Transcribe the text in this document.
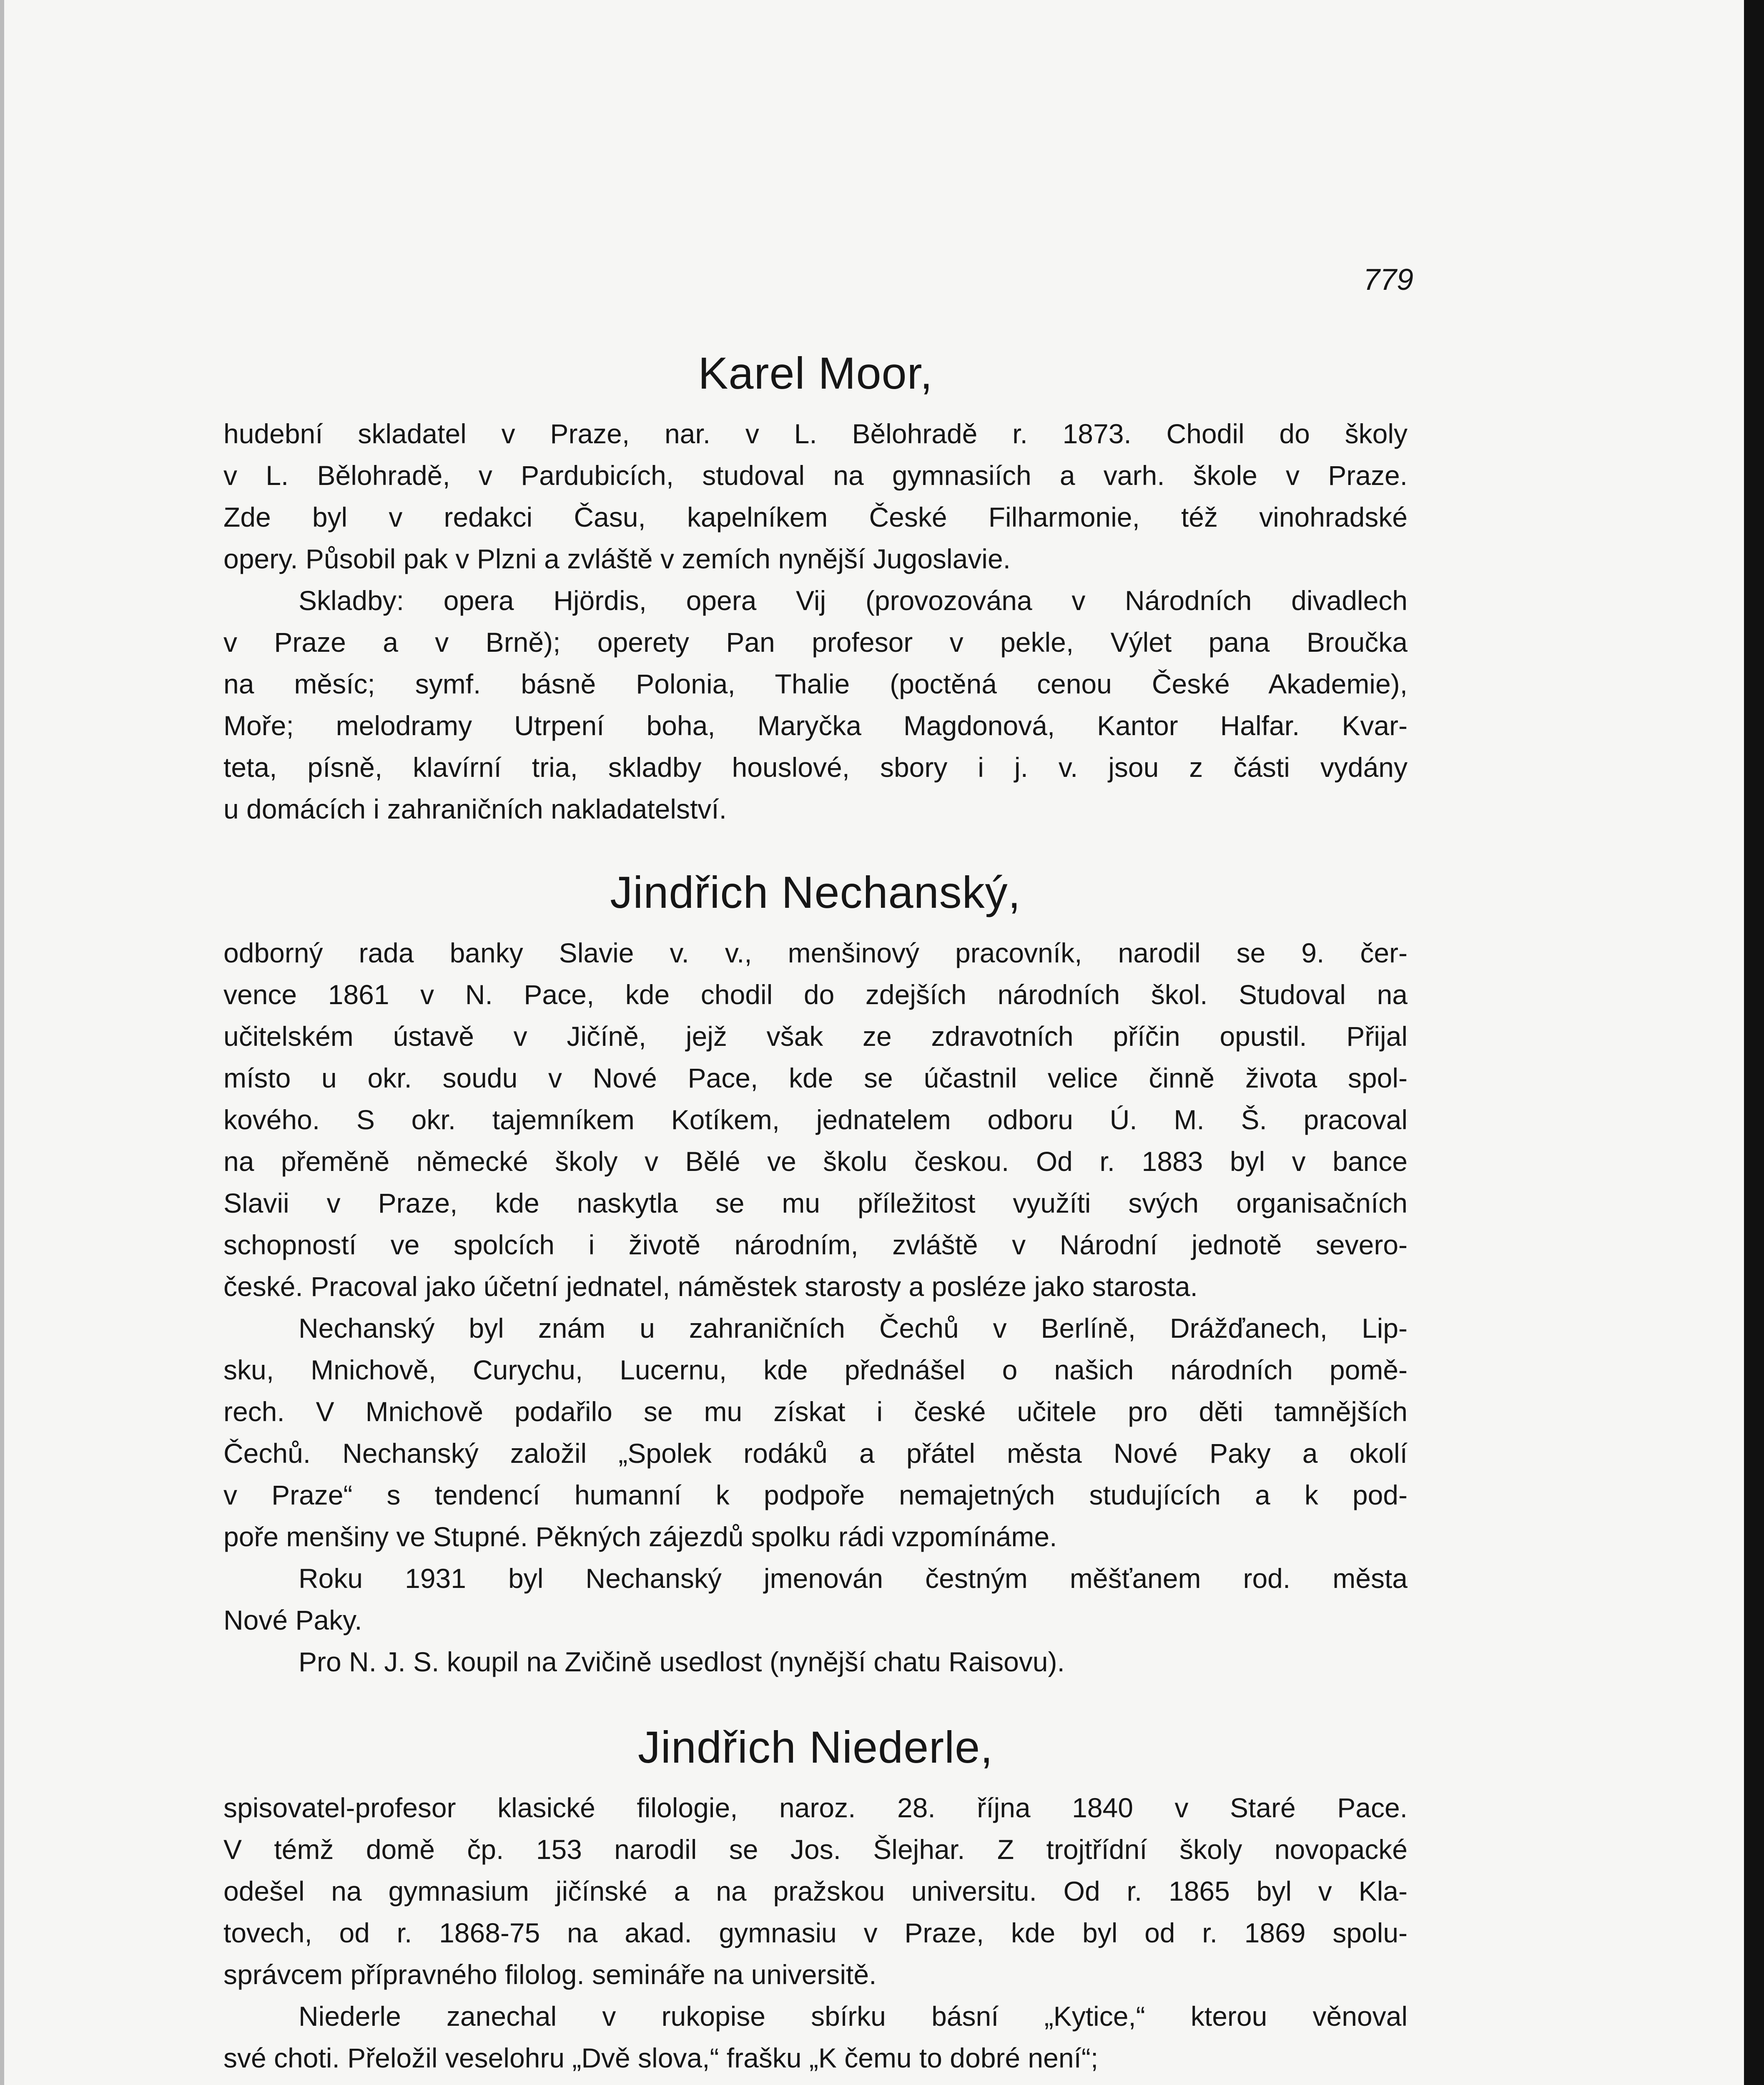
779
Karel Moor,
hudební skladatel v Praze, nar. v L. Bělohradě r. 1873. Chodil do školy
v L. Bělohradě, v Pardubicích, studoval na gymnasiích a varh. škole v Praze.
Zde byl v redakci Času, kapelníkem České Filharmonie, též vinohradské
opery. Působil pak v Plzni a zvláště v zemích nynější Jugoslavie.
Skladby: opera Hjördis, opera Vij (provozována v Národních divadlech
v Praze a v Brně); operety Pan profesor v pekle, Výlet pana Broučka
na měsíc; symf. básně Polonia, Thalie (poctěná cenou České Akademie),
Moře; melodramy Utrpení boha, Maryčka Magdonová, Kantor Halfar. Kvar-
teta, písně, klavírní tria, skladby houslové, sbory i j. v. jsou z části vydány
u domácích i zahraničních nakladatelství.
Jindřich Nechanský,
odborný rada banky Slavie v. v., menšinový pracovník, narodil se 9. čer-
vence 1861 v N. Pace, kde chodil do zdejších národních škol. Studoval na
učitelském ústavě v Jičíně, jejž však ze zdravotních příčin opustil. Přijal
místo u okr. soudu v Nové Pace, kde se účastnil velice činně života spol-
kového. S okr. tajemníkem Kotíkem, jednatelem odboru Ú. M. Š. pracoval
na přeměně německé školy v Bělé ve školu českou. Od r. 1883 byl v bance
Slavii v Praze, kde naskytla se mu příležitost využíti svých organisačních
schopností ve spolcích i životě národním, zvláště v Národní jednotě severo-
české. Pracoval jako účetní jednatel, náměstek starosty a posléze jako starosta.
Nechanský byl znám u zahraničních Čechů v Berlíně, Drážďanech, Lip-
sku, Mnichově, Curychu, Lucernu, kde přednášel o našich národních pomě-
rech. V Mnichově podařilo se mu získat i české učitele pro děti tamnějších
Čechů. Nechanský založil „Spolek rodáků a přátel města Nové Paky a okolí
v Praze“ s tendencí humanní k podpoře nemajetných studujících a k pod-
poře menšiny ve Stupné. Pěkných zájezdů spolku rádi vzpomínáme.
Roku 1931 byl Nechanský jmenován čestným měšťanem rod. města
Nové Paky.
Pro N. J. S. koupil na Zvičině usedlost (nynější chatu Raisovu).
Jindřich Niederle,
spisovatel-profesor klasické filologie, naroz. 28. října 1840 v Staré Pace.
V témž domě čp. 153 narodil se Jos. Šlejhar. Z trojtřídní školy novopacké
odešel na gymnasium jičínské a na pražskou universitu. Od r. 1865 byl v Kla-
tovech, od r. 1868-75 na akad. gymnasiu v Praze, kde byl od r. 1869 spolu-
správcem přípravného filolog. semináře na universitě.
Niederle zanechal v rukopise sbírku básní „Kytice,“ kterou věnoval
své choti. Přeložil veselohru „Dvě slova,“ frašku „K čemu to dobré není“;
